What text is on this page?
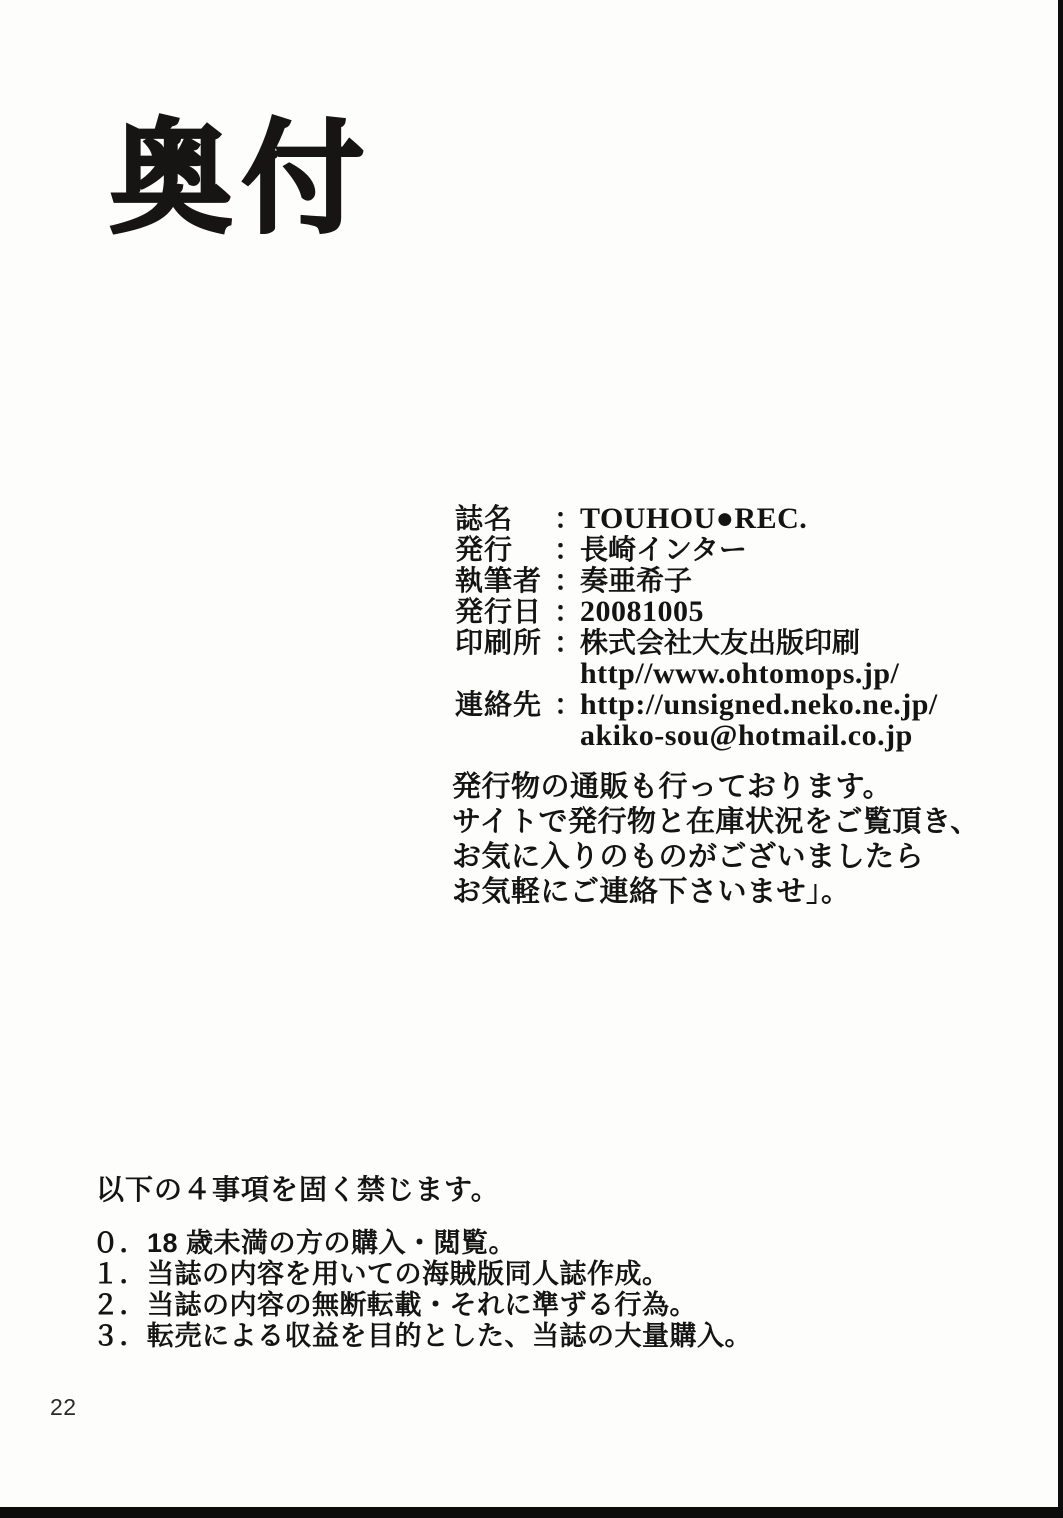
奥付
誌名	：
TOUHOU●REC.
発行	：
長崎インター
執筆者 ：
奏亜希子
発行日 ：
20081005
印刷所 ：
株式会社大友出版印刷
http//www.ohtomops.jp/
連絡先 ：
http://unsigned.neko.ne.jp/
akiko-sou@hotmail.co.jp
発行物の通販も行っております。
サイトで発行物と在庫状況をご覧頂き、
お気に入りのものがございましたら
お気軽にご連絡下さいませ」。
以下の４事項を固く禁じます。
０．18 歳未満の方の購入・閲覧。
１．当誌の内容を用いての海賊版同人誌作成。
２．当誌の内容の無断転載・それに準ずる行為。
３．転売による収益を目的とした、当誌の大量購入。
22
